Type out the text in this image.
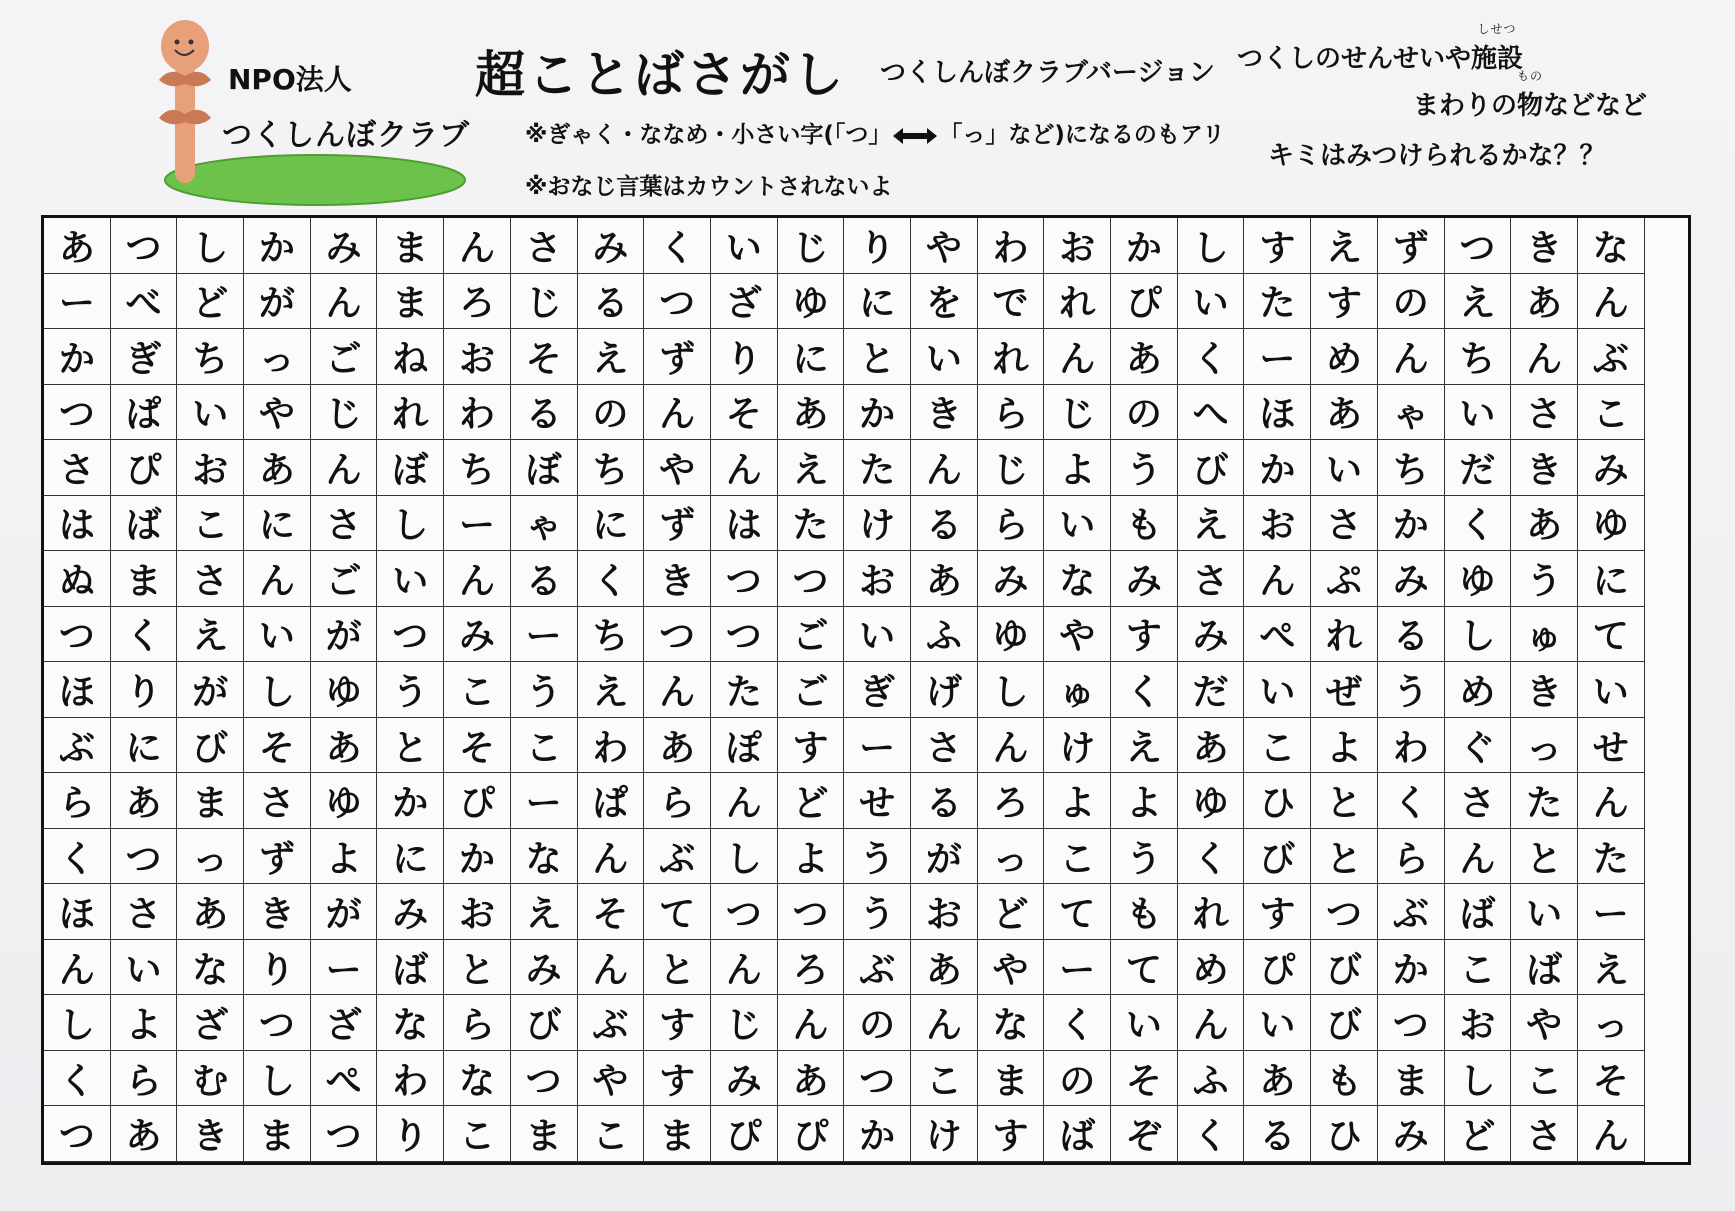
NPO法人
つくしんぼクラブ
超ことばさがし つくしんぼクラブバージョン
※ぎゃく・ななめ・小さい字(「つ」 「っ」など)になるのもアリ
※おなじ言葉はカウントされないよ
つくしのせんせいや
しせつ
施設
まわりの
もの
物などなど
キミはみつけられるかな？？
あ つ し か み ま ん さ み く い じ り や わ お か し す え ず つ き な
ー べ ど が ん ま ろ じ る つ ざ ゆ に を で れ ぴ い た す の え あ ん
か ぎ ち っ ご ね お そ え ず り に と い れ ん あ く ー め ん ち ん ぶ
つ ぱ い や じ れ わ る の ん そ あ か き ら じ の へ ほ あ ゃ い さ こ
さ ぴ お あ ん ぼ ち ぼ ち や ん え た ん じ よ う び か い ち だ き み
は ば こ に さ し ー ゃ に ず は た け る ら い も え お さ か く あ ゆ
ぬ ま さ ん ご い ん る く き つ つ お あ み な み さ ん ぷ み ゆ う に
つ く え い が つ み ー ち つ つ ご い ふ ゆ や す み ぺ れ る し ゅ て
ほ り が し ゆ う こ う え ん た ご ぎ げ し ゅ く だ い ぜ う め き い
ぶ に び そ あ と そ こ わ あ ぽ す ー さ ん け え あ こ よ わ ぐ っ せ
ら あ ま さ ゆ か ぴ ー ぱ ら ん ど せ る ろ よ よ ゆ ひ と く さ た ん
く つ っ ず よ に か な ん ぶ し よ う が っ こ う く び と ら ん と た
ほ さ あ き が み お え そ て つ つ う お ど て も れ す つ ぶ ば い ー
ん い な り ー ば と み ん と ん ろ ぶ あ や ー て め ぴ び か こ ば え
し よ ざ つ ざ な ら び ぶ す じ ん の ん な く い ん い び つ お や っ
く ら む し ぺ わ な つ や す み あ つ こ ま の そ ふ あ も ま し こ そ
つ あ き ま つ り こ ま こ ま ぴ ぴ か け す ば ぞ く る ひ み ど さ ん
